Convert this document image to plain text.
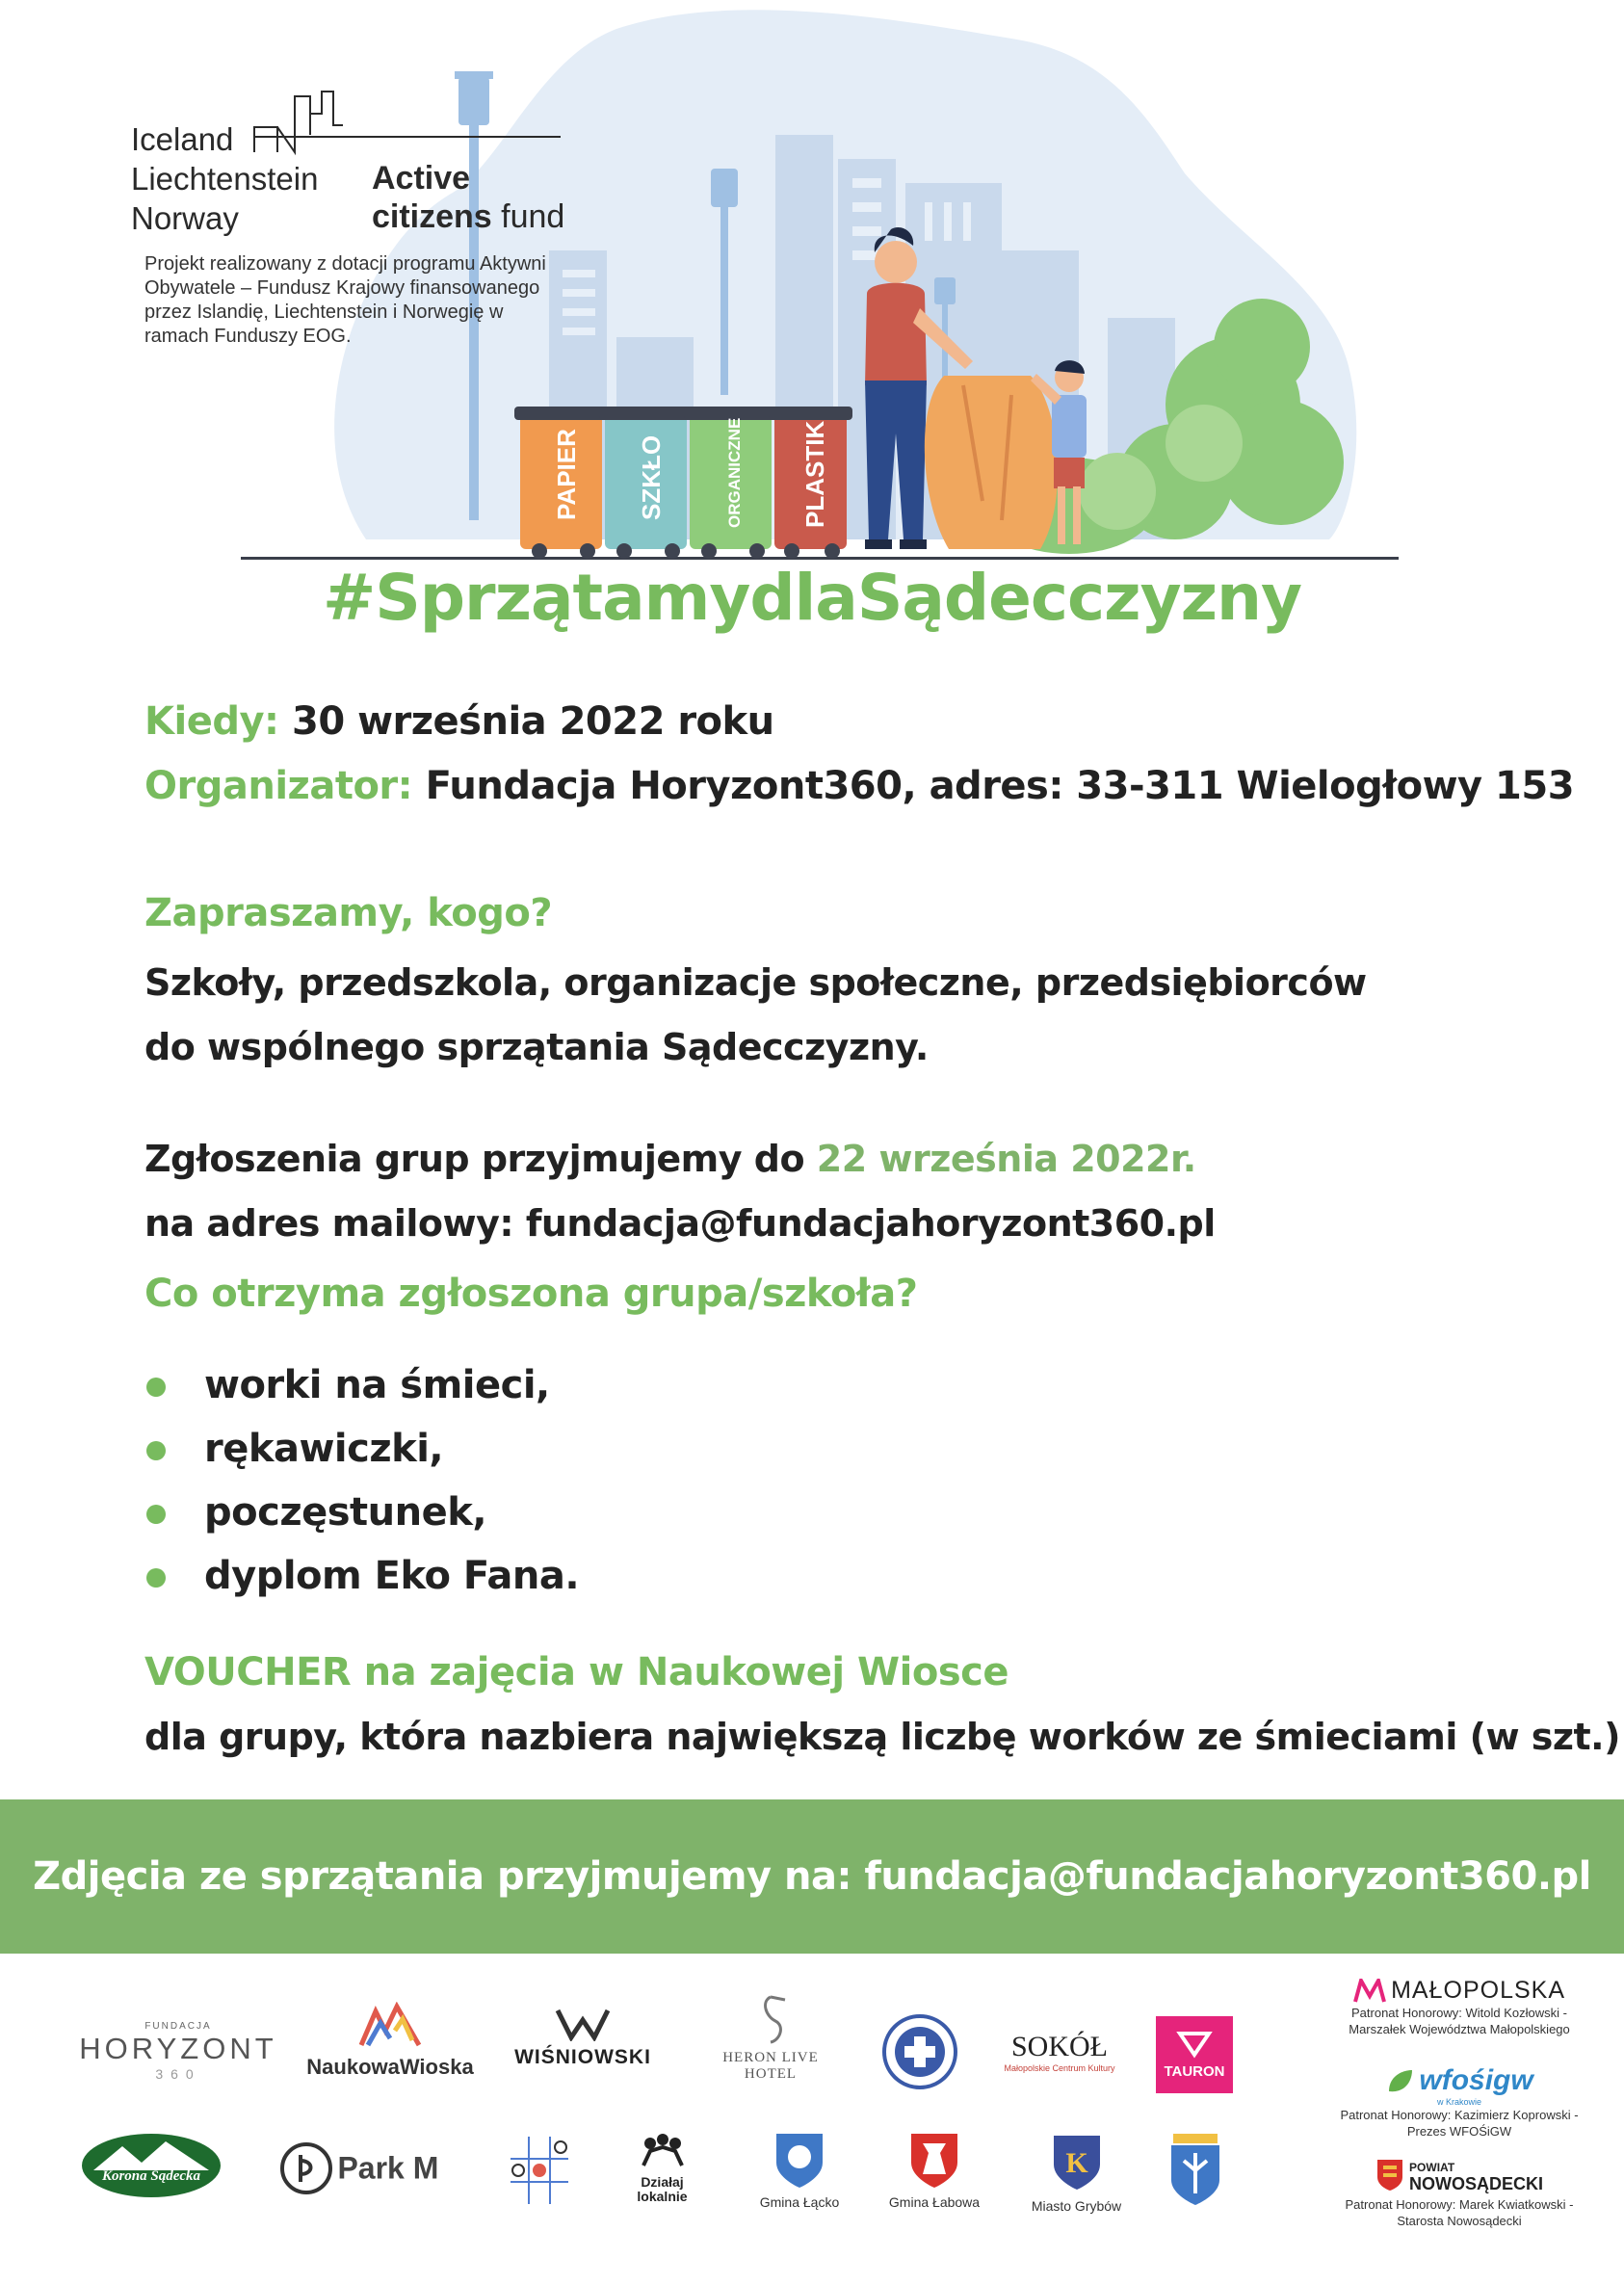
PAPIER SZKŁO	ORGANICZNE PLASTIK
Iceland
Liechtenstein
Norway
Active
citizens fund
Projekt realizowany z dotacji programu Aktywni Obywatele – Fundusz Krajowy finansowanego przez Islandię, Liechtenstein i Norwegię w ramach Funduszy EOG.
#SprzątamydlaSądecczyzny
Kiedy: 30 września 2022 roku
Organizator: Fundacja Horyzont360, adres: 33-311 Wielogłowy 153
Zapraszamy, kogo?
Szkoły, przedszkola, organizacje społeczne, przedsiębiorców
do wspólnego sprzątania Sądecczyzny.
Zgłoszenia grup przyjmujemy do 22 września 2022r.
na adres mailowy: fundacja@fundacjahoryzont360.pl
Co otrzyma zgłoszona grupa/szkoła?
worki na śmieci,
rękawiczki,
poczęstunek,
dyplom Eko Fana.
VOUCHER na zajęcia w Naukowej Wiosce
dla grupy, która nazbiera największą liczbę worków ze śmieciami (w szt.)
Zdjęcia ze sprzątania przyjmujemy na: fundacja@fundacjahoryzont360.pl
FUNDACJA
HORYZONT
360	NaukowaWioska	WIŚNIOWSKI	HERON LIVE HOTEL
SOKÓŁ
Małopolskie Centrum Kultury	TAURON
Korona Sądecka	Park M	Działaj lokalnie	Gmina Łącko	Gmina Łabowa
K
Miasto Grybów
MAŁOPOLSKA
Patronat Honorowy: Witold Kozłowski - Marszałek Województwa Małopolskiego
wfośigw
w Krakowie
Patronat Honorowy: Kazimierz Koprowski - Prezes WFOŚiGW

POWIAT
NOWOSĄDECKI
Patronat Honorowy: Marek Kwiatkowski - Starosta Nowosądecki
